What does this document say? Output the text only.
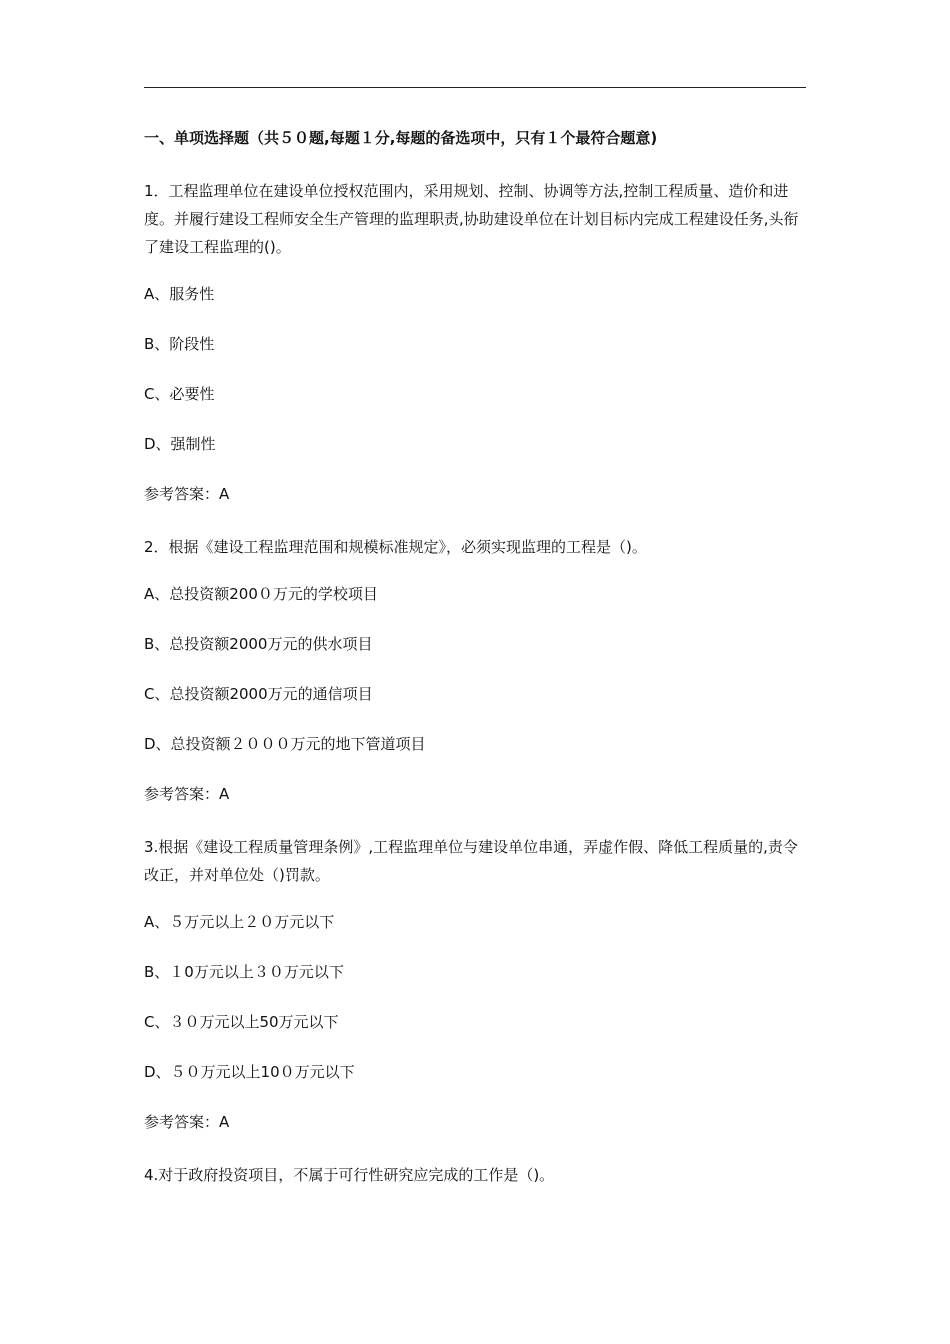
一、单项选择题（共５０题,每题１分,每题的备选项中，只有１个最符合题意)
1．工程监理单位在建设单位授权范围内，采用规划、控制、协调等方法,控制工程质量、造价和进度。并履行建设工程师安全生产管理的监理职责,协助建设单位在计划目标内完成工程建设任务,头衔了建设工程监理的()。
A、服务性
B、阶段性
C、必要性
D、强制性
参考答案：A
2．根据《建设工程监理范围和规模标准规定》，必须实现监理的工程是（)。
A、总投资额200０万元的学校项目
B、总投资额2000万元的供水项目
C、总投资额2000万元的通信项目
D、总投资额２０００万元的地下管道项目
参考答案：A
3.根据《建设工程质量管理条例》,工程监理单位与建设单位串通，弄虚作假、降低工程质量的,责令改正，并对单位处（)罚款。
A、５万元以上２０万元以下
B、１0万元以上３０万元以下
C、３０万元以上50万元以下
D、５０万元以上10０万元以下
参考答案：A
4.对于政府投资项目，不属于可行性研究应完成的工作是（)。
